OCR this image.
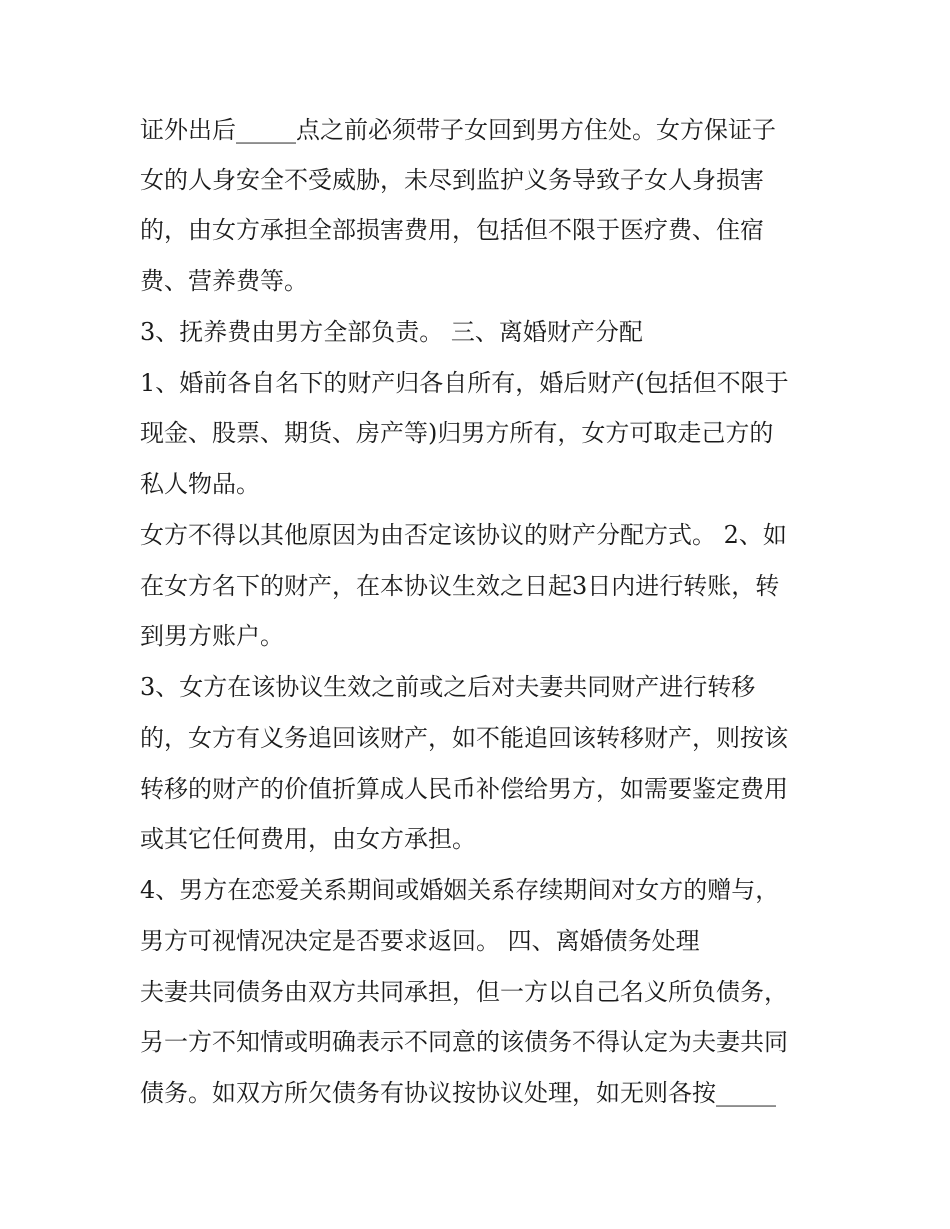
证外出后_____点之前必须带子女回到男方住处。女方保证子
女的人身安全不受威胁，未尽到监护义务导致子女人身损害
的，由女方承担全部损害费用，包括但不限于医疗费、住宿
费、营养费等。
3、抚养费由男方全部负责。 三、离婚财产分配
1、婚前各自名下的财产归各自所有，婚后财产(包括但不限于
现金、股票、期货、房产等)归男方所有，女方可取走己方的
私人物品。
女方不得以其他原因为由否定该协议的财产分配方式。 2、如
在女方名下的财产，在本协议生效之日起3日内进行转账，转
到男方账户。
3、女方在该协议生效之前或之后对夫妻共同财产进行转移
的，女方有义务追回该财产，如不能追回该转移财产，则按该
转移的财产的价值折算成人民币补偿给男方，如需要鉴定费用
或其它任何费用，由女方承担。
4、男方在恋爱关系期间或婚姻关系存续期间对女方的赠与，
男方可视情况决定是否要求返回。 四、离婚债务处理
夫妻共同债务由双方共同承担，但一方以自己名义所负债务，
另一方不知情或明确表示不同意的该债务不得认定为夫妻共同
债务。如双方所欠债务有协议按协议处理，如无则各按_____
